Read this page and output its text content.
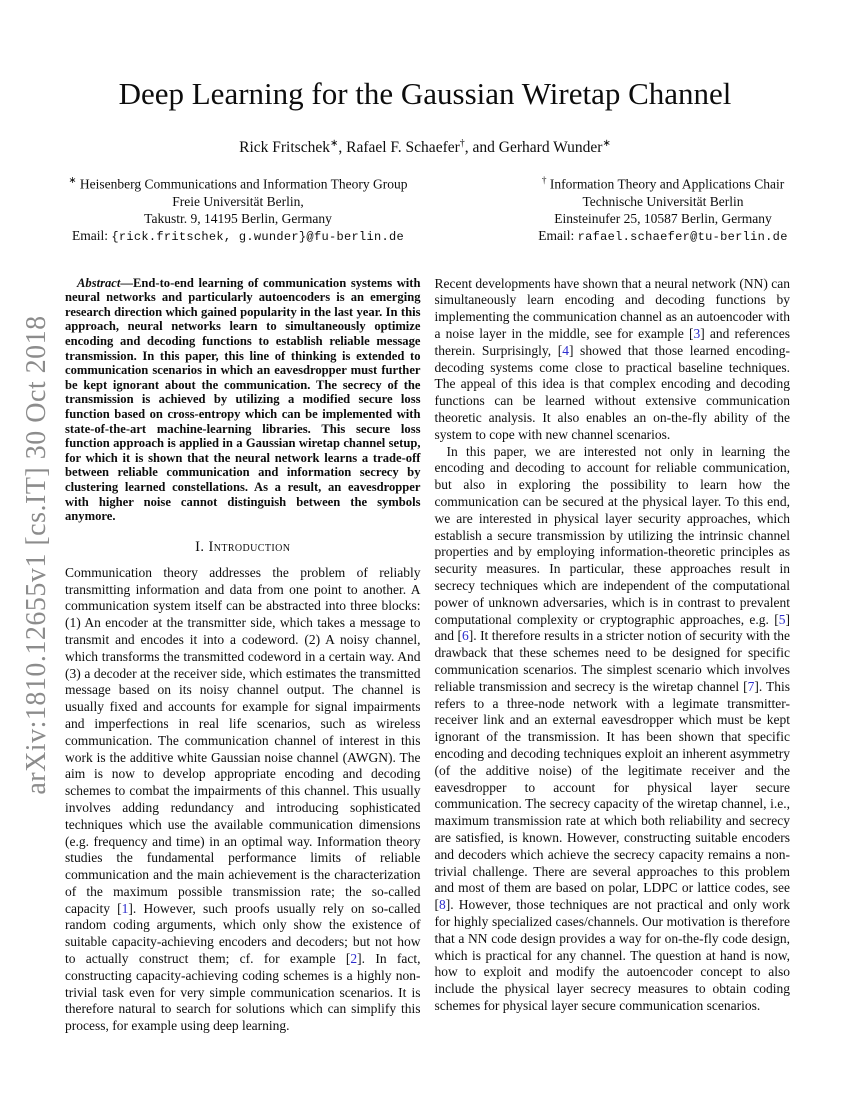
arXiv:1810.12655v1 [cs.IT] 30 Oct 2018
Deep Learning for the Gaussian Wiretap Channel
Rick Fritschek∗, Rafael F. Schaefer†, and Gerhard Wunder∗
∗ Heisenberg Communications and Information Theory Group
Freie Universität Berlin,
Takustr. 9, 14195 Berlin, Germany
Email: {rick.fritschek, g.wunder}@fu-berlin.de
† Information Theory and Applications Chair
Technische Universität Berlin
Einsteinufer 25, 10587 Berlin, Germany
Email: rafael.schaefer@tu-berlin.de

Abstract—End-to-end learning of communication systems with neural networks and particularly autoencoders is an emerging research direction which gained popularity in the last year. In this approach, neural networks learn to simultaneously optimize encoding and decoding functions to establish reliable message transmission. In this paper, this line of thinking is extended to communication scenarios in which an eavesdropper must further be kept ignorant about the communication. The secrecy of the transmission is achieved by utilizing a modified secure loss function based on cross-entropy which can be implemented with state-of-the-art machine-learning libraries. This secure loss function approach is applied in a Gaussian wiretap channel setup, for which it is shown that the neural network learns a trade-off between reliable communication and information secrecy by clustering learned constellations. As a result, an eavesdropper with higher noise cannot distinguish between the symbols anymore.

I. Introduction

Communication theory addresses the problem of reliably transmitting information and data from one point to another. A communication system itself can be abstracted into three blocks: (1) An encoder at the transmitter side, which takes a message to transmit and encodes it into a codeword. (2) A noisy channel, which transforms the transmitted codeword in a certain way. And (3) a decoder at the receiver side, which estimates the transmitted message based on its noisy channel output. The channel is usually fixed and accounts for example for signal impairments and imperfections in real life scenarios, such as wireless communication. The communication channel of interest in this work is the additive white Gaussian noise channel (AWGN). The aim is now to develop appropriate encoding and decoding schemes to combat the impairments of this channel. This usually involves adding redundancy and introducing sophisticated techniques which use the available communication dimensions (e.g. frequency and time) in an optimal way. Information theory studies the fundamental performance limits of reliable communication and the main achievement is the characterization of the maximum possible transmission rate; the so-called capacity [1]. However, such proofs usually rely on so-called random coding arguments, which only show the existence of suitable capacity-achieving encoders and decoders; but not how to actually construct them; cf. for example [2]. In fact, constructing capacity-achieving coding schemes is a highly non-trivial task even for very simple communication scenarios. It is therefore natural to search for solutions which can simplify this process, for example using deep learning.

Recent developments have shown that a neural network (NN) can simultaneously learn encoding and decoding functions by implementing the communication channel as an autoencoder with a noise layer in the middle, see for example [3] and references therein. Surprisingly, [4] showed that those learned encoding-decoding systems come close to practical baseline techniques. The appeal of this idea is that complex encoding and decoding functions can be learned without extensive communication theoretic analysis. It also enables an on-the-fly ability of the system to cope with new channel scenarios.

In this paper, we are interested not only in learning the encoding and decoding to account for reliable communication, but also in exploring the possibility to learn how the communication can be secured at the physical layer. To this end, we are interested in physical layer security approaches, which establish a secure transmission by utilizing the intrinsic channel properties and by employing information-theoretic principles as security measures. In particular, these approaches result in secrecy techniques which are independent of the computational power of unknown adversaries, which is in contrast to prevalent computational complexity or cryptographic approaches, e.g. [5] and [6]. It therefore results in a stricter notion of security with the drawback that these schemes need to be designed for specific communication scenarios. The simplest scenario which involves reliable transmission and secrecy is the wiretap channel [7]. This refers to a three-node network with a legimate transmitter-receiver link and an external eavesdropper which must be kept ignorant of the transmission. It has been shown that specific encoding and decoding techniques exploit an inherent asymmetry (of the additive noise) of the legitimate receiver and the eavesdropper to account for physical layer secure communication. The secrecy capacity of the wiretap channel, i.e., maximum transmission rate at which both reliability and secrecy are satisfied, is known. However, constructing suitable encoders and decoders which achieve the secrecy capacity remains a non-trivial challenge. There are several approaches to this problem and most of them are based on polar, LDPC or lattice codes, see [8]. However, those techniques are not practical and only work for highly specialized cases/channels. Our motivation is therefore that a NN code design provides a way for on-the-fly code design, which is practical for any channel. The question at hand is now, how to exploit and modify the autoencoder concept to also include the physical layer secrecy measures to obtain coding schemes for physical layer secure communication scenarios.
